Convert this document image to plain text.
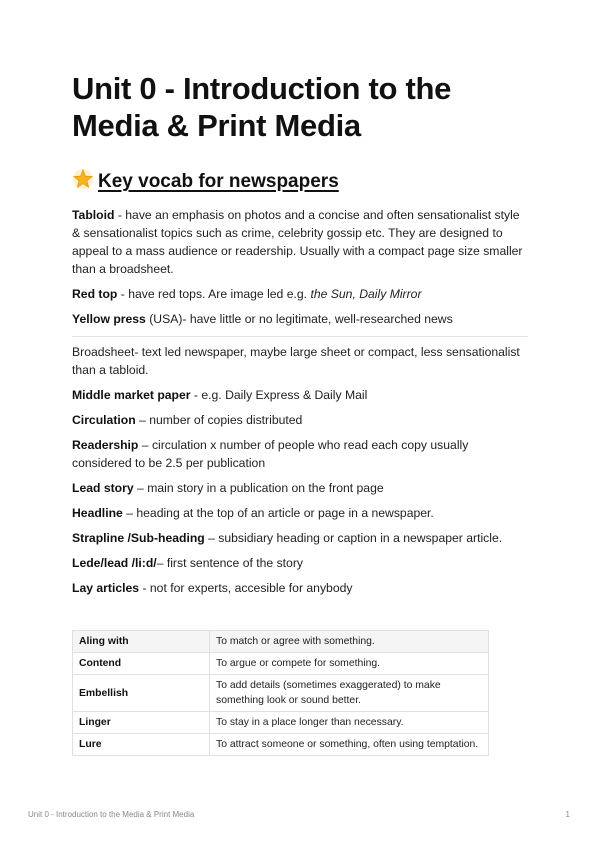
Unit 0 - Introduction to the Media & Print Media
Key vocab for newspapers

Tabloid - have an emphasis on photos and a concise and often sensationalist style & sensationalist topics such as crime, celebrity gossip etc. They are designed to appeal to a mass audience or readership. Usually with a compact page size smaller than a broadsheet.

Red top - have red tops. Are image led e.g. the Sun, Daily Mirror

Yellow press (USA)- have little or no legitimate, well-researched news

Broadsheet- text led newspaper, maybe large sheet or compact, less sensationalist than a tabloid.

Middle market paper - e.g. Daily Express & Daily Mail

Circulation – number of copies distributed

Readership – circulation x number of people who read each copy usually considered to be 2.5 per publication

Lead story – main story in a publication on the front page

Headline – heading at the top of an article or page in a newspaper.

Strapline /Sub-heading – subsidiary heading or caption in a newspaper article.

Lede/lead /li:d/– first sentence of the story

Lay articles - not for experts, accesible for anybody

Aling with	To match or agree with something.
Contend	To argue or compete for something.
Embellish	To add details (sometimes exaggerated) to make something look or sound better.
Linger	To stay in a place longer than necessary.
Lure	To attract someone or something, often using temptation.
Unit 0 - Introduction to the Media & Print Media	1
